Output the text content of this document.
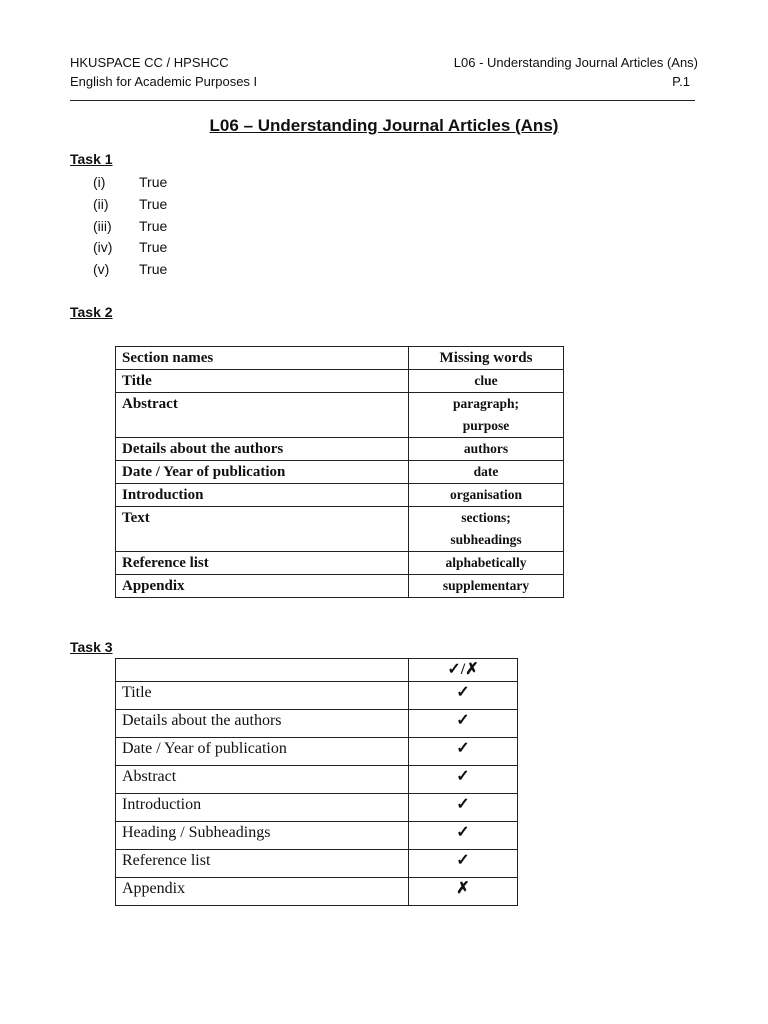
HKUSPACE CC / HPSHCC	L06 - Understanding Journal Articles (Ans)
English for Academic Purposes I	P.1
L06 – Understanding Journal Articles (Ans)
Task 1
(i)	True
(ii)	True
(iii)	True
(iv)	True
(v)	True
Task 2
Section names	Missing words
Title	clue

Abstract	paragraph;
purpose

Details about the authors	authors

Date / Year of publication	date

Introduction	organisation

Text	sections;
subheadings

Reference list	alphabetically

Appendix	supplementary
Task 3
	✓/✗
Title	✓
Details about the authors	✓
Date / Year of publication	✓
Abstract	✓
Introduction	✓
Heading / Subheadings	✓
Reference list	✓
Appendix	✗
